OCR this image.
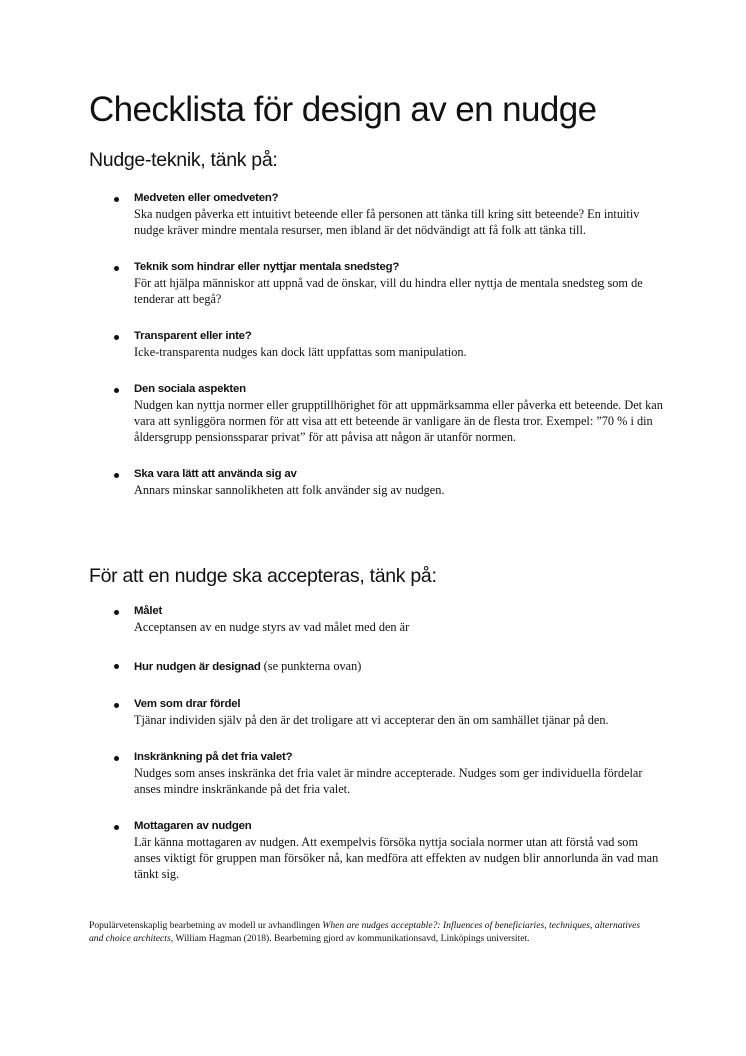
Checklista för design av en nudge
Nudge-teknik, tänk på:
Medveten eller omedveten?
Ska nudgen påverka ett intuitivt beteende eller få personen att tänka till kring sitt beteende? En intuitiv nudge kräver mindre mentala resurser, men ibland är det nödvändigt att få folk att tänka till.
Teknik som hindrar eller nyttjar mentala snedsteg?
För att hjälpa människor att uppnå vad de önskar, vill du hindra eller nyttja de mentala snedsteg som de tenderar att begå?
Transparent eller inte?
Icke-transparenta nudges kan dock lätt uppfattas som manipulation.
Den sociala aspekten
Nudgen kan nyttja normer eller grupptillhörighet för att uppmärksamma eller påverka ett beteende. Det kan vara att synliggöra normen för att visa att ett beteende är vanligare än de flesta tror. Exempel: ”70 % i din åldersgrupp pensionssparar privat” för att påvisa att någon är utanför normen.
Ska vara lätt att använda sig av
Annars minskar sannolikheten att folk använder sig av nudgen.
För att en nudge ska accepteras, tänk på:
Målet
Acceptansen av en nudge styrs av vad målet med den är
Hur nudgen är designad (se punkterna ovan)
Vem som drar fördel
Tjänar individen själv på den är det troligare att vi accepterar den än om samhället tjänar på den.
Inskränkning på det fria valet?
Nudges som anses inskränka det fria valet är mindre accepterade. Nudges som ger individuella fördelar anses mindre inskränkande på det fria valet.
Mottagaren av nudgen
Lär känna mottagaren av nudgen. Att exempelvis försöka nyttja sociala normer utan att förstå vad som anses viktigt för gruppen man försöker nå, kan medföra att effekten av nudgen blir annorlunda än vad man tänkt sig.

Populärvetenskaplig bearbetning av modell ur avhandlingen When are nudges acceptable?: Influences of beneficiaries, techniques, alternatives and choice architects, William Hagman (2018). Bearbetning gjord av kommunikationsavd, Linköpings universitet.
